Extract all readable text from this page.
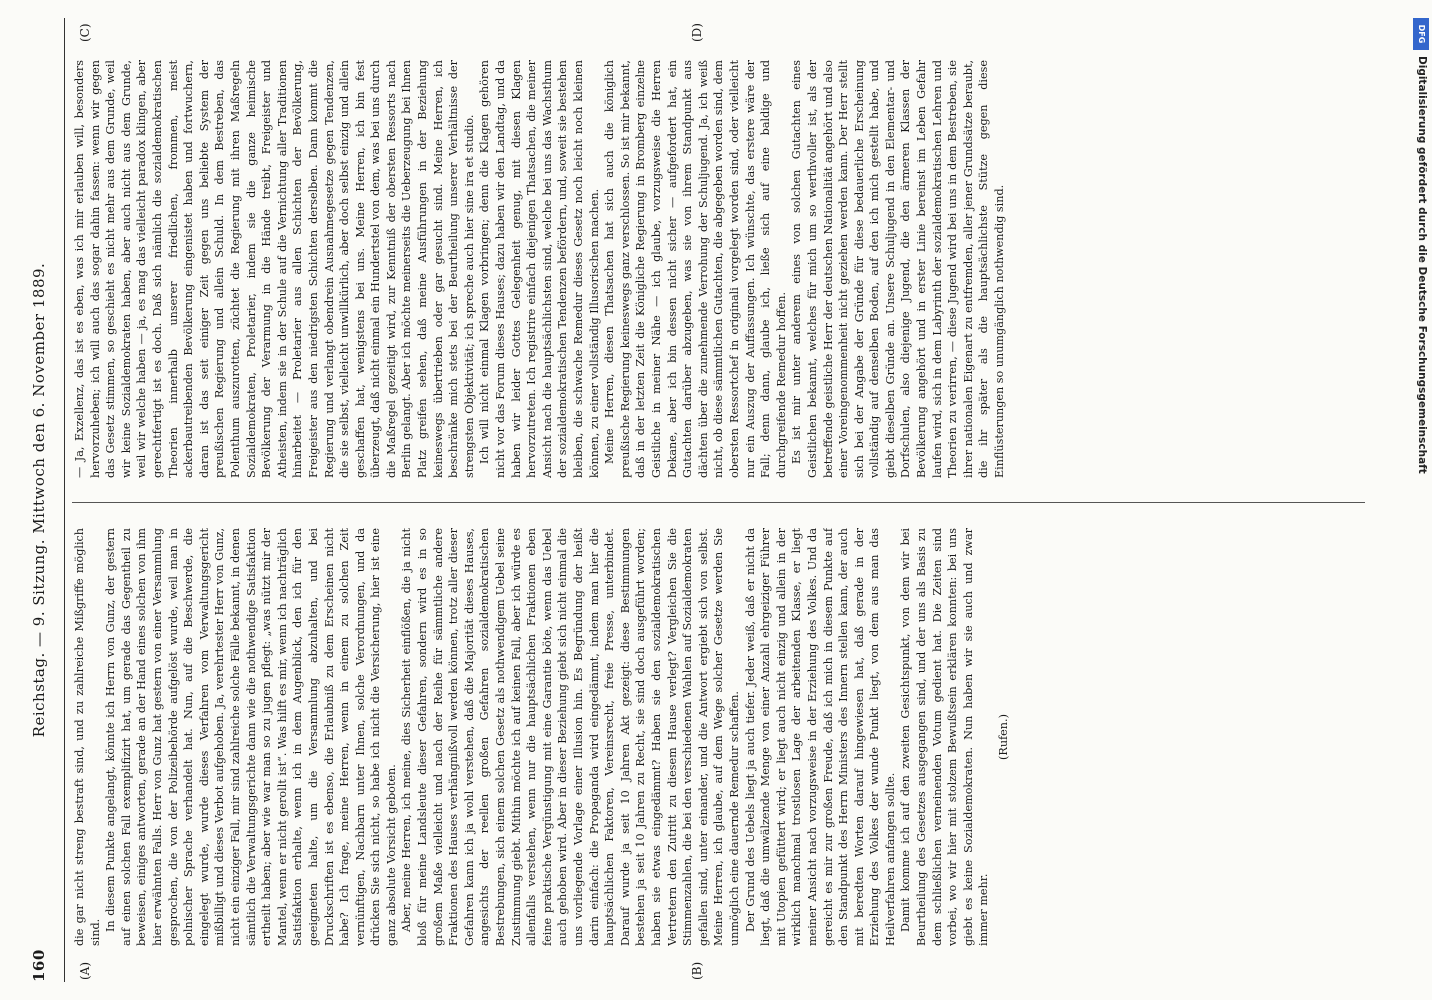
160
Reichstag. — 9. Sitzung. Mittwoch den 6. November 1889.
(A)	(B)
(C)	(D)

die gar nicht streng bestraft sind, und zu zahlreiche Mißgriffe möglich sind.

In diesem Punkte angelangt, könnte ich Herrn von Gunz, der gestern auf einen solchen Fall exemplifizirt hat, um gerade das Gegentheil zu beweisen, einiges antworten, gerade an der Hand eines solchen von ihm hier erwähnten Falls. Herr von Gunz hat gestern von einer Versammlung gesprochen, die von der Polizeibehörde aufgelöst wurde, weil man in polnischer Sprache verhandelt hat. Nun, auf die Beschwerde, die eingelegt wurde, wurde dieses Verfahren vom Verwaltungsgericht mißbilligt und dieses Verbot aufgehoben. Ja, verehrtester Herr von Gunz, nicht ein einziger Fall, mir sind zahlreiche solche Fälle bekannt, in denen sämtlich die Verwaltungsgerichte dann wie die nothwendige Satisfaktion ertheilt haben; aber wie war man so zu jugen pflegt: „was nützt mir der Mantel, wenn er nicht gerollt ist“. Was hilft es mir, wenn ich nachträglich Satisfaktion erhalte, wenn ich in dem Augenblick, den ich für den geeigneten halte, um die Versammlung abzuhalten, und bei Druckschriften ist es ebenso, die Erlaubniß zu dem Erscheinen nicht habe? Ich frage, meine Herren, wenn in einem zu solchen Zeit vernünftigen, Nachbarn unter Ihnen, solche Verordnungen, und da drücken Sie sich nicht, so habe ich nicht die Versicherung, hier ist eine ganz absolute Vorsicht geboten. Aber, meine Herren, ich meine, dies Sicherheit einflößen, die ja nicht bloß für meine Landsleute dieser Gefahren, sondern wird es in so großem Maße vielleicht und nach der Reihe für sämmtliche andere Fraktionen des Hauses verhängnißvoll werden können, trotz aller dieser Gefahren kann ich ja wohl verstehen, daß die Majorität dieses Hauses, angesichts der reellen großen Gefahren sozialdemokratischen Bestrebungen, sich einem solchen Gesetz als nothwendigem Uebel seine Zustimmung giebt. Mithin möchte ich auf keinen Fall, aber ich würde es allenfalls verstehen, wenn nur die hauptsächlichen Fraktionen eben feine praktische Vergünstigung mit eine Garantie böte, wenn das Uebel auch gehoben wird. Aber in dieser Beziehung giebt sich nicht einmal die uns vorliegende Vorlage einer Illusion hin. Es Begründung der heißt darin einfach: die Propaganda wird eingedämmt, indem man hier die hauptsächlichen Faktoren, Vereinsrecht, freie Presse, unterbindet. Darauf wurde ja seit 10 Jahren Akt gezeigt: diese Bestimmungen bestehen ja seit 10 Jahren zu Recht, sie sind doch ausgeführt worden; haben sie etwas eingedämmt? Haben sie den sozialdemokratischen Vertretern den Zutritt zu diesem Hause verlegt? Vergleichen Sie die Stimmenzahlen, die bei den verschiedenen Wahlen auf Sozialdemokraten gefallen sind, unter einander, und die Antwort ergiebt sich von selbst. Meine Herren, ich glaube, auf dem Wege solcher Gesetze werden Sie unmöglich eine dauernde Remedur schaffen. Der Grund des Uebels liegt ja auch tiefer. Jeder weiß, daß er nicht da liegt, daß die umwälzende Menge von einer Anzahl ehrgeiziger Führer mit Utopien gefüttert wird; er liegt auch nicht einzig und allein in der wirklich manchmal trostlosen Lage der arbeitenden Klasse, er liegt meiner Ansicht nach vorzugsweise in der Erziehung des Volkes. Und da gereicht es mir zur großen Freude, daß ich mich in diesem Punkte auf den Standpunkt des Herrn Ministers des Innern stellen kann, der auch mit beredten Worten darauf hingewiesen hat, daß gerade in der Erziehung des Volkes der wunde Punkt liegt, von dem aus man das Heilverfahren anfangen sollte. Damit komme ich auf den zweiten Gesichtspunkt, von dem wir bei Beurtheilung des Gesetzes ausgegangen sind, und der uns als Basis zu dem schließlichen verneinenden Votum gedient hat. Die Zeiten sind vorbei, wo wir hier mit stolzem Bewußtsein erklären konnten: bei uns giebt es keine Sozialdemokraten. Nun haben wir sie auch und zwar immer mehr.

(Rufen.)

— Ja, Exzellenz, das ist es eben, was ich mir erlauben will, besonders hervorzuheben; ich will auch das sogar dahin fassen: wenn wir gegen das Gesetz stimmen, so geschieht es nicht mehr aus dem Grunde, weil wir keine Sozialdemokraten haben, aber auch nicht aus dem Grunde, weil wir welche haben — ja, es mag das vielleicht paradox klingen, aber gerechtfertigt ist es doch. Daß sich nämlich die sozialdemokratischen Theorien innerhalb unserer friedlichen, frommen, meist ackerbautreibenden Bevölkerung eingenistet haben und fortwuchern, daran ist das seit einiger Zeit gegen uns beliebte System der preußischen Regierung und allein Schuld. In dem Bestreben, das Polenthum auszurotten, züchtet die Regierung mit ihren Maßregeln Sozialdemokraten, Proletarier, indem sie die ganze heimische Bevölkerung der Verarmung in die Hände treibt, Freigeister und Atheisten, indem sie in der Schule auf die Vernichtung aller Traditionen hinarbeitet — Proletarier aus allen Schichten der Bevölkerung, Freigeister aus den niedrigsten Schichten derselben. Dann kommt die Regierung und verlangt obendrein Ausnahmegesetze gegen Tendenzen, die sie selbst, vielleicht unwillkürlich, aber doch selbst einzig und allein geschaffen hat, wenigstens bei uns. Meine Herren, ich bin fest überzeugt, daß nicht einmal ein Hundertstel von dem, was bei uns durch die Maßregel gezeitigt wird, zur Kenntniß der obersten Ressorts nach Berlin gelangt. Aber ich möchte meinerseits die Ueberzeugung bei Ihnen Platz greifen sehen, daß meine Ausführungen in der Beziehung keineswegs übertrieben oder gar gesucht sind. Meine Herren, ich beschränke mich stets bei der Beurtheilung unserer Verhältnisse der strengsten Objektivität; ich spreche auch hier sine ira et studio. Ich will nicht einmal Klagen vorbringen; denn die Klagen gehören nicht vor das Forum dieses Hauses; dazu haben wir den Landtag, und da haben wir leider Gottes Gelegenheit genug, mit diesen Klagen hervorzutreten. Ich registrire einfach diejenigen Thatsachen, die meiner Ansicht nach die hauptsächlichsten sind, welche bei uns das Wachsthum der sozialdemokratischen Tendenzen befördern, und, soweit sie bestehen bleiben, die schwache Remedur dieses Gesetz noch leicht noch kleinen können, zu einer vollständig Illusorischen machen. Meine Herren, diesen Thatsachen hat sich auch die königlich preußische Regierung keineswegs ganz verschlossen. So ist mir bekannt, daß in der letzten Zeit die Königliche Regierung in Bromberg einzelne Geistliche in meiner Nähe — ich glaube, vorzugsweise die Herren Dekane, aber ich bin dessen nicht sicher — aufgefordert hat, ein Gutachten darüber abzugeben, was sie von ihrem Standpunkt aus dächten über die zunehmende Verrohung der Schuljugend. Ja, ich weiß nicht, ob diese sämmtlichen Gutachten, die abgegeben worden sind, dem obersten Ressortchef in originali vorgelegt worden sind, oder vielleicht nur ein Auszug der Auffassungen. Ich wünschte, das erstere wäre der Fall; denn dann, glaube ich, ließe sich auf eine baldige und durchgreifende Remedur hoffen. Es ist mir unter anderem eines von solchen Gutachten eines Geistlichen bekannt, welches für mich um so werthvoller ist, als der betreffende geistliche Herr der deutschen Nationalität angehört und also einer Voreingenommenheit nicht geziehen werden kann. Der Herr stellt sich bei der Angabe der Gründe für diese bedauerliche Erscheinung vollständig auf denselben Boden, auf den ich mich gestellt habe, und giebt dieselben Gründe an. Unsere Schuljugend in den Elementar- und Dorfschulen, also diejenige Jugend, die den ärmeren Klassen der Bevölkerung angehört und in erster Linie bereinst im Leben Gefahr laufen wird, sich in dem Labyrinth der sozialdemokratischen Lehren und Theorien zu verirren, — diese Jugend wird bei uns in dem Bestreben, sie ihrer nationalen Eigenart zu entfremden, aller jener Grundsätze beraubt, die ihr später als die hauptsächlichste Stütze gegen diese Einflüsterungen so unumgänglich nothwendig sind.

DFG
Digitalisierung gefördert durch die Deutsche Forschungsgemeinschaft
